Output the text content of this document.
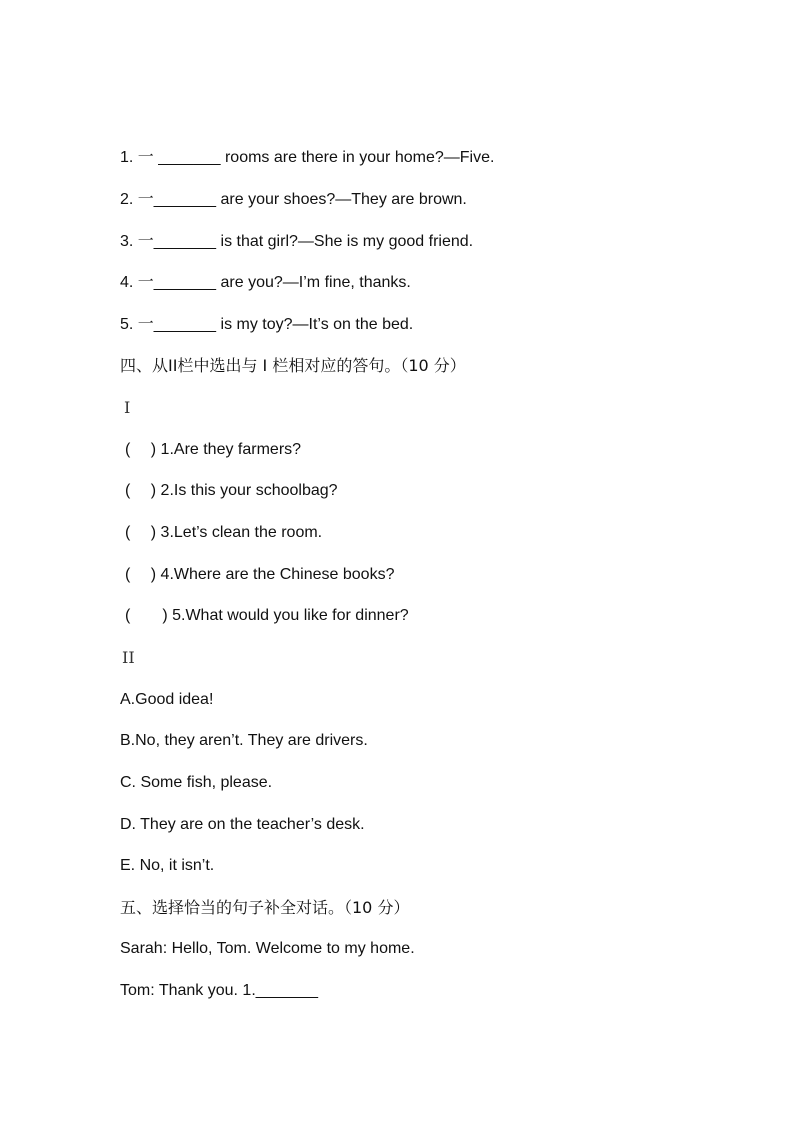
1. 一 _______ rooms are there in your home?—Five.
2. 一_______ are your shoes?—They are brown.
3. 一_______ is that girl?—She is my good friend.
4. 一_______ are you?—I’m fine, thanks.
5. 一_______ is my toy?—It’s on the bed.
四、从II栏中选出与 I 栏相对应的答句。（10 分）
I
(　 ) 1.Are they farmers?
(　 ) 2.Is this your schoolbag?
(　 ) 3.Let’s clean the room.
(　 ) 4.Where are the Chinese books?
(　　) 5.What would you like for dinner?
II
A.Good idea!
B.No, they aren’t. They are drivers.
C. Some fish, please.
D. They are on the teacher’s desk.
E. No, it isn’t.
五、选择恰当的句子补全对话。（10 分）
Sarah: Hello, Tom. Welcome to my home.
Tom: Thank you. 1._______
